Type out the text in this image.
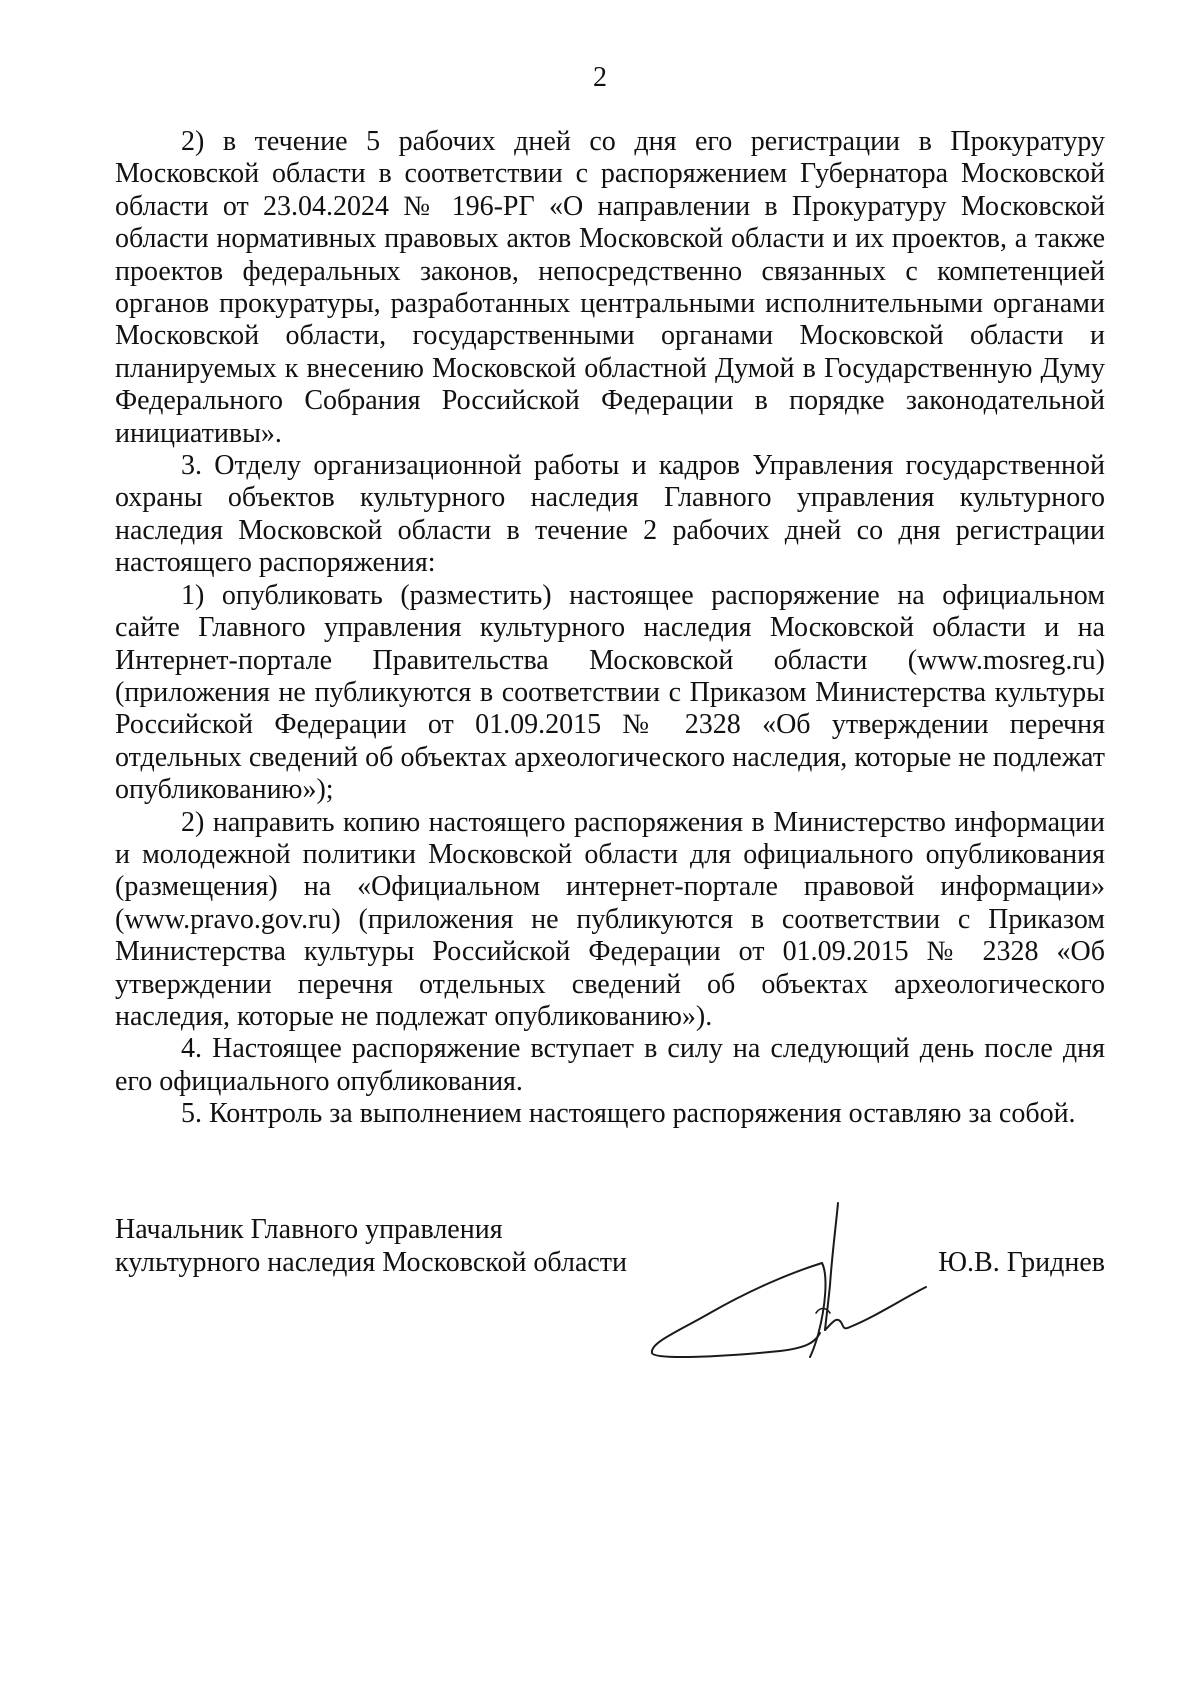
2

2) в течение 5 рабочих дней со дня его регистрации в Прокуратуру Московской области в соответствии с распоряжением Губернатора Московской области от 23.04.2024 № 196-РГ «О направлении в Прокуратуру Московской области нормативных правовых актов Московской области и их проектов, а также проектов федеральных законов, непосредственно связанных с компетенцией органов прокуратуры, разработанных центральными исполнительными органами Московской области, государственными органами Московской области и планируемых к внесению Московской областной Думой в Государственную Думу Федерального Собрания Российской Федерации в порядке законодательной инициативы».

3. Отделу организационной работы и кадров Управления государственной охраны объектов культурного наследия Главного управления культурного наследия Московской области в течение 2 рабочих дней со дня регистрации настоящего распоряжения:

1) опубликовать (разместить) настоящее распоряжение на официальном сайте Главного управления культурного наследия Московской области и на Интернет-портале Правительства Московской области (www.mosreg.ru) (приложения не публикуются в соответствии с Приказом Министерства культуры Российской Федерации от 01.09.2015 № 2328 «Об утверждении перечня отдельных сведений об объектах археологического наследия, которые не подлежат опубликованию»);

2) направить копию настоящего распоряжения в Министерство информации и молодежной политики Московской области для официального опубликования (размещения) на «Официальном интернет-портале правовой информации» (www.pravo.gov.ru) (приложения не публикуются в соответствии с Приказом Министерства культуры Российской Федерации от 01.09.2015 № 2328 «Об утверждении перечня отдельных сведений об объектах археологического наследия, которые не подлежат опубликованию»).

4. Настоящее распоряжение вступает в силу на следующий день после дня его официального опубликования.

5. Контроль за выполнением настоящего распоряжения оставляю за собой.

Начальник Главного управления
культурного наследия Московской области	Ю.В. Гриднев
